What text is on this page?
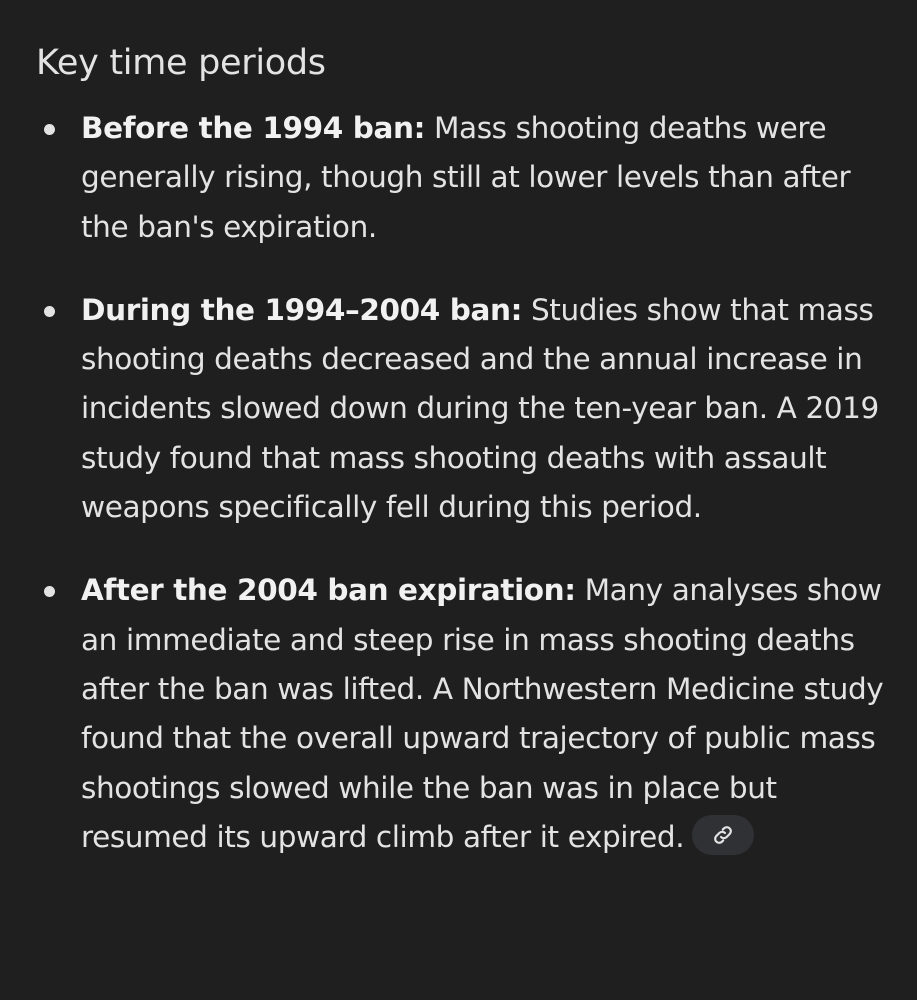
Key time periods
Before the 1994 ban: Mass shooting deaths were generally rising, though still at lower levels than after the ban's expiration.
During the 1994–2004 ban: Studies show that mass shooting deaths decreased and the annual increase in incidents slowed down during the ten-year ban. A 2019 study found that mass shooting deaths with assault weapons specifically fell during this period.
After the 2004 ban expiration: Many analyses show an immediate and steep rise in mass shooting deaths after the ban was lifted. A Northwestern Medicine study found that the overall upward trajectory of public mass shootings slowed while the ban was in place but resumed its upward climb after it expired.
